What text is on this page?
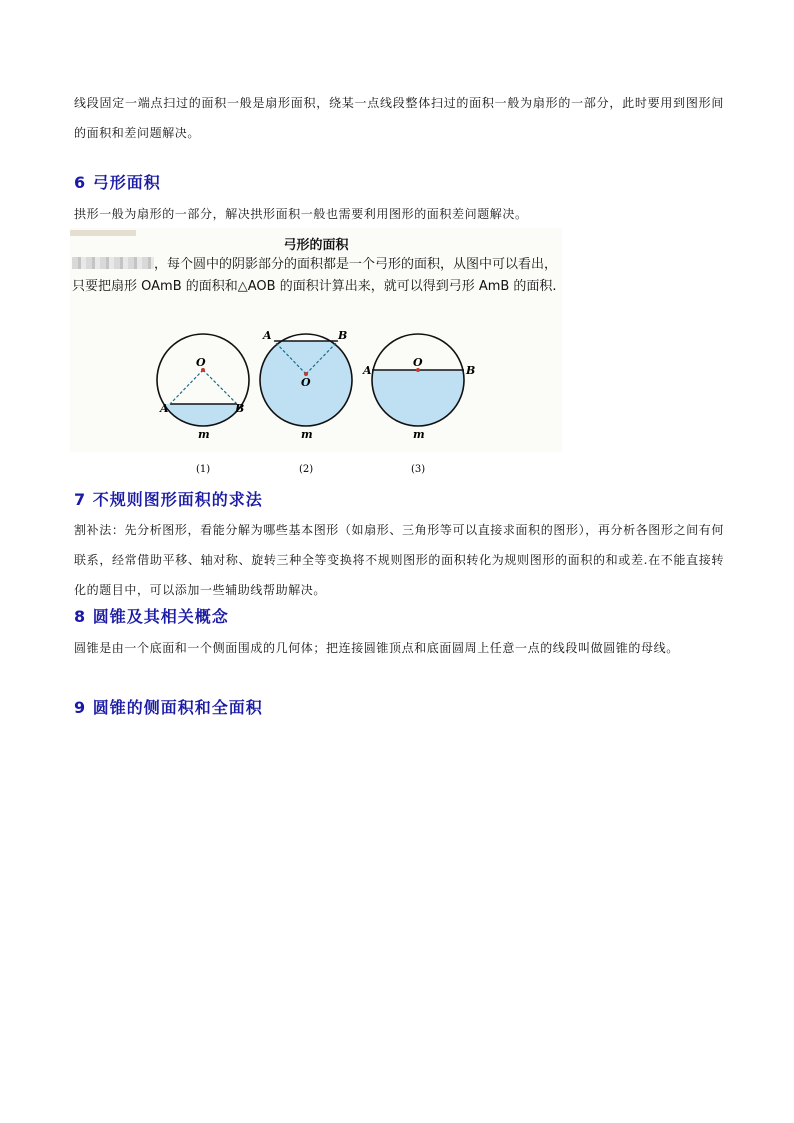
线段固定一端点扫过的面积一般是扇形面积，绕某一点线段整体扫过的面积一般为扇形的一部分，此时要用到图形间的面积和差问题解决。
6 弓形面积
拱形一般为扇形的一部分，解决拱形面积一般也需要利用图形的面积差问题解决。
弓形的面积
，每个圆中的阴影部分的面积都是一个弓形的面积，从图中可以看出，只要把扇形 OAmB 的面积和△AOB 的面积计算出来，就可以得到弓形 AmB 的面积.
O
A	B
m
O
A	B
m
O
A	B
m
(1)	(2)	(3)
7 不规则图形面积的求法
割补法：先分析图形，看能分解为哪些基本图形（如扇形、三角形等可以直接求面积的图形），再分析各图形之间有何联系，经常借助平移、轴对称、旋转三种全等变换将不规则图形的面积转化为规则图形的面积的和或差.在不能直接转化的题目中，可以添加一些辅助线帮助解决。
8 圆锥及其相关概念
圆锥是由一个底面和一个侧面围成的几何体；把连接圆锥顶点和底面圆周上任意一点的线段叫做圆锥的母线。
9 圆锥的侧面积和全面积
